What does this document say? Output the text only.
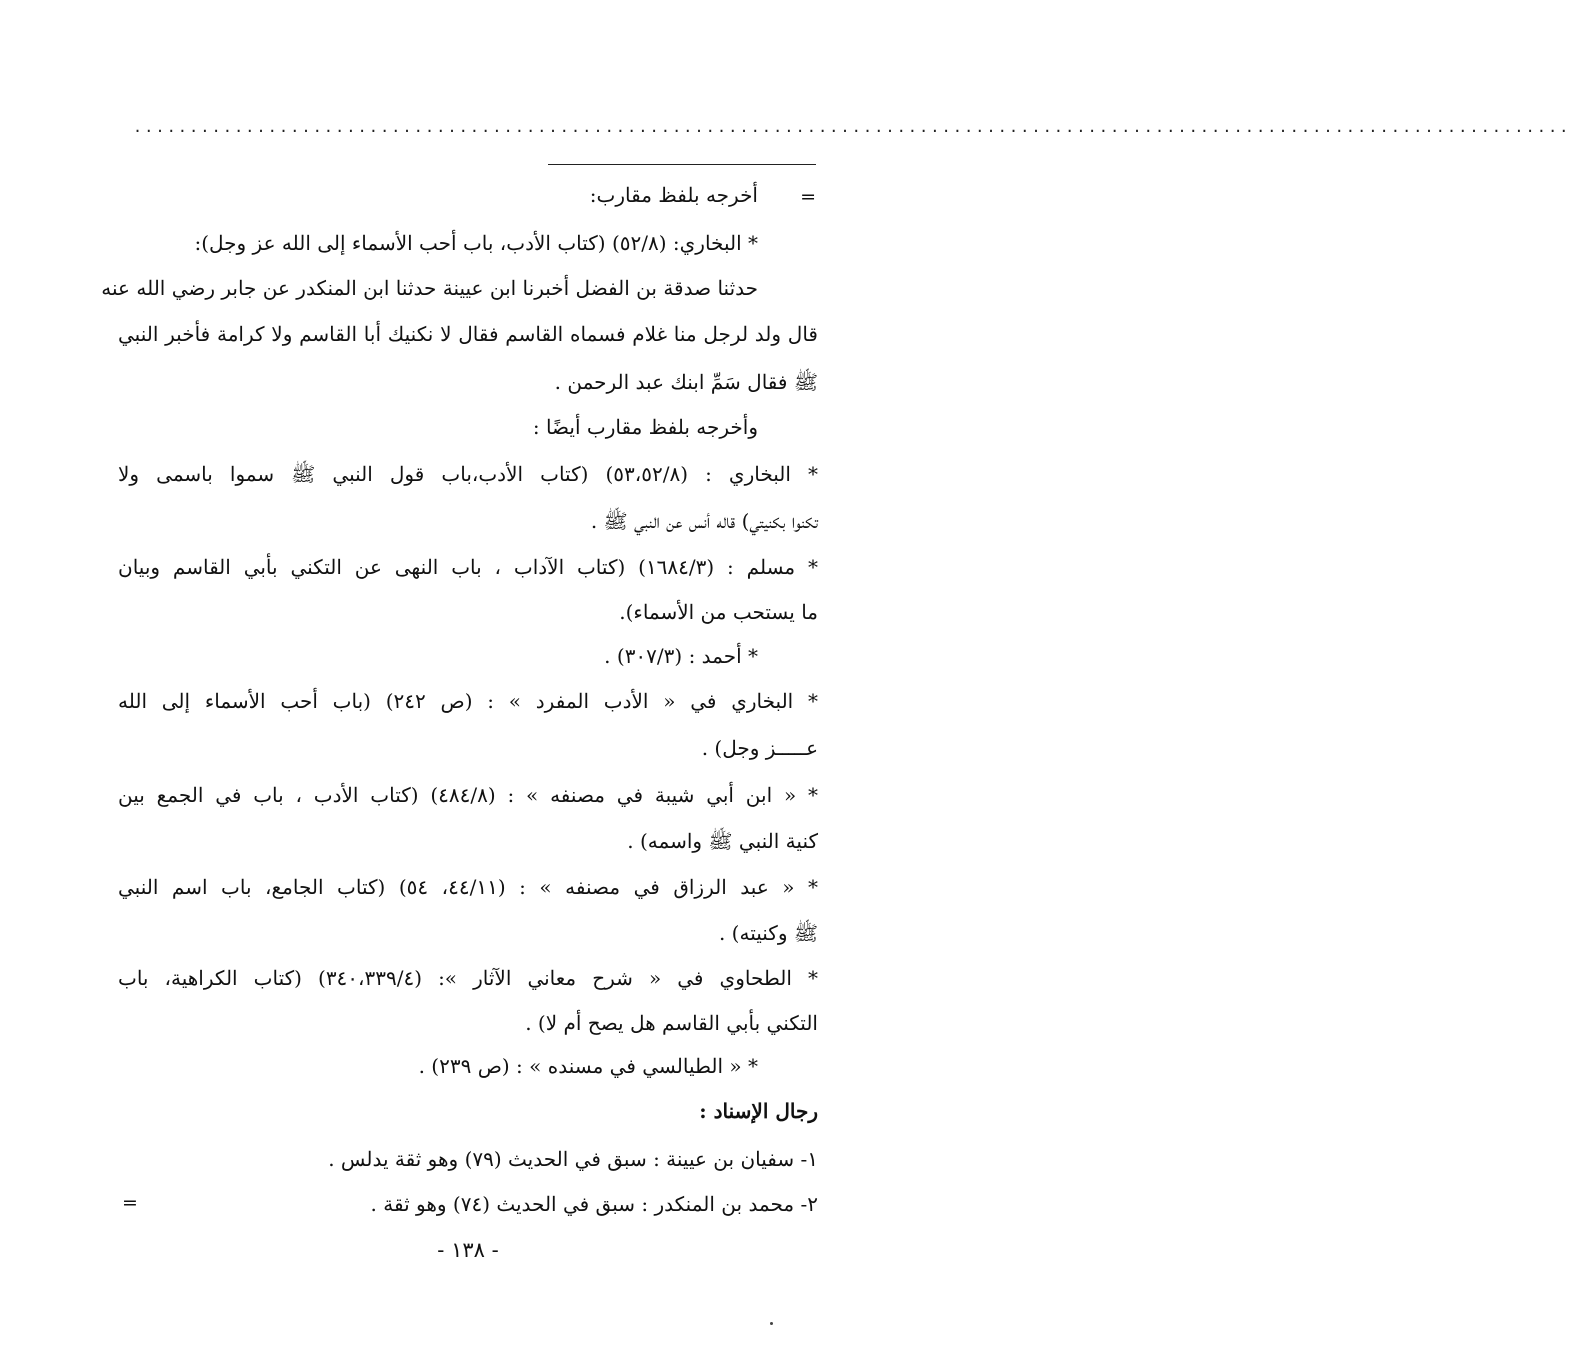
................................................................................................................................
=
أخرجه بلفظ مقارب:
* البخاري: (٥٢/٨) (كتاب الأدب، باب أحب الأسماء إلى الله عز وجل):
حدثنا صدقة بن الفضل أخبرنا ابن عيينة حدثنا ابن المنكدر عن جابر رضي الله عنه
قال ولد لرجل منا غلام فسماه القاسم فقال لا نكنيك أبا القاسم ولا كرامة فأخبر النبي
ﷺ فقال سَمِّ ابنك عبد الرحمن .
وأخرجه بلفظ مقارب أيضًا :
* البخاري : (٥٣،٥٢/٨) (كتاب الأدب،باب قول النبي ﷺ سموا باسمى ولا
تكنوا بكنيتي) قاله أنس عن النبي ﷺ .
* مسلم : (١٦٨٤/٣) (كتاب الآداب ، باب النهى عن التكني بأبي القاسم وبيان
ما يستحب من الأسماء).
* أحمد : (٣٠٧/٣) .
* البخاري في « الأدب المفرد » : (ص ٢٤٢) (باب أحب الأسماء إلى الله
عـــــز وجل) .
* « ابن أبي شيبة في مصنفه » : (٤٨٤/٨) (كتاب الأدب ، باب في الجمع بين
كنية النبي ﷺ واسمه) .
* « عبد الرزاق في مصنفه » : (٤٤/١١، ٥٤) (كتاب الجامع، باب اسم النبي
ﷺ وكنيته) .
* الطحاوي في « شرح معاني الآثار »: (٣٤٠،٣٣٩/٤) (كتاب الكراهية، باب
التكني بأبي القاسم هل يصح أم لا) .
* « الطيالسي في مسنده » : (ص ٢٣٩) .
رجال الإسناد :
١- سفيان بن عيينة : سبق في الحديث (٧٩) وهو ثقة يدلس .
٢- محمد بن المنكدر : سبق في الحديث (٧٤) وهو ثقة .
=
- ١٣٨ -
